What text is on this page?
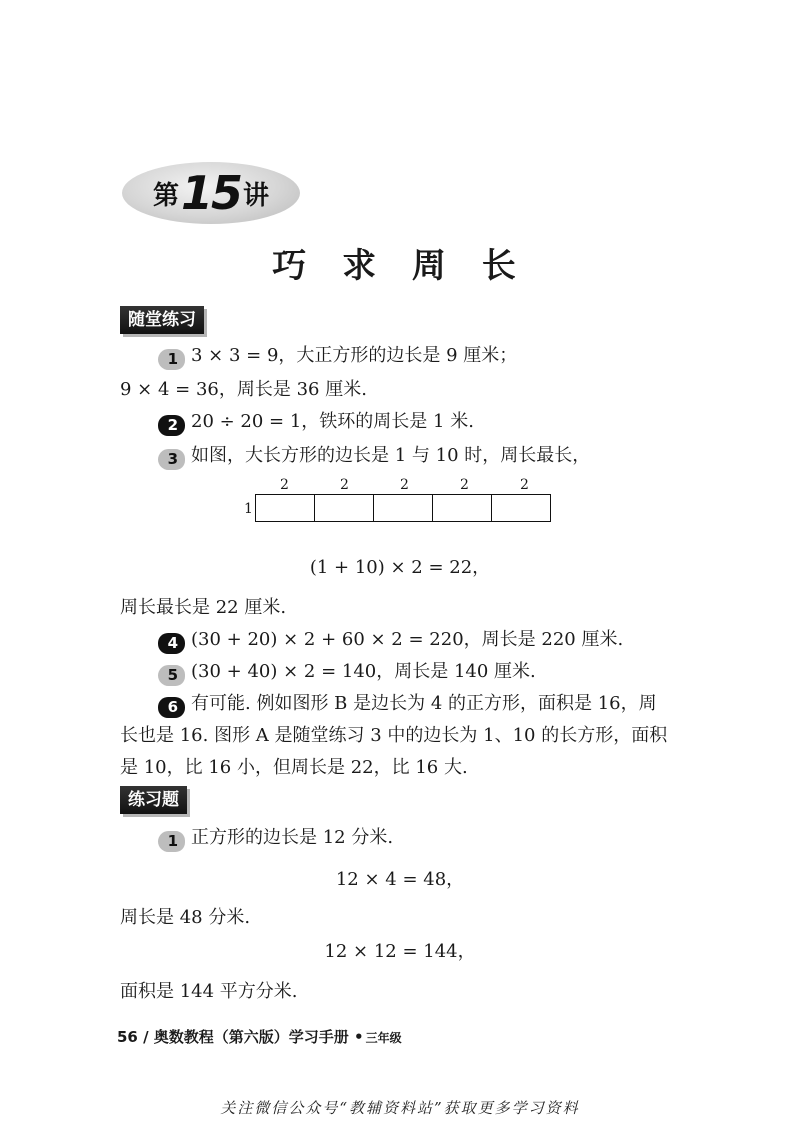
第 15 讲
巧 求 周 长
随堂练习
1 3 × 3 = 9，大正方形的边长是 9 厘米；
9 × 4 = 36，周长是 36 厘米.
2 20 ÷ 20 = 1，铁环的周长是 1 米.
3 如图，大长方形的边长是 1 与 10 时，周长最长，
2	2	2	2	2
1
(1 + 10) × 2 = 22，
周长最长是 22 厘米.
4 (30 + 20) × 2 + 60 × 2 = 220，周长是 220 厘米.
5 (30 + 40) × 2 = 140，周长是 140 厘米.
6 有可能. 例如图形 B 是边长为 4 的正方形，面积是 16，周
长也是 16. 图形 A 是随堂练习 3 中的边长为 1、10 的长方形，面积
是 10，比 16 小，但周长是 22，比 16 大.
练习题
1 正方形的边长是 12 分米.
12 × 4 = 48，
周长是 48 分米.
12 × 12 = 144，
面积是 144 平方分米.
56 / 奥数教程（第六版）学习手册 • 三年级
关注微信公众号“教辅资料站”获取更多学习资料
